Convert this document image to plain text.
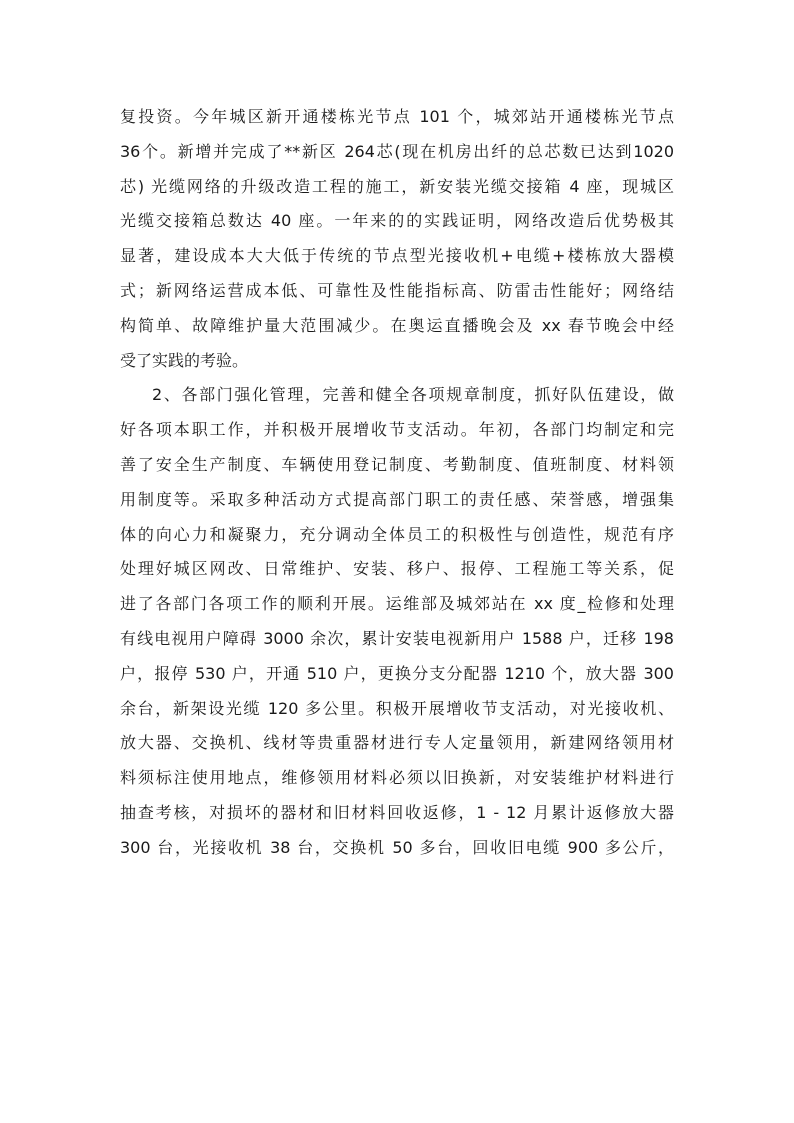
复投资。今年城区新开通楼栋光节点 101 个，城郊站开通楼栋光节点
36个。新增并完成了**新区 264芯(现在机房出纤的总芯数已达到1020
芯) 光缆网络的升级改造工程的施工，新安装光缆交接箱 4 座，现城区
光缆交接箱总数达 40 座。一年来的的实践证明，网络改造后优势极其
显著，建设成本大大低于传统的节点型光接收机+电缆+楼栋放大器模
式；新网络运营成本低、可靠性及性能指标高、防雷击性能好；网络结
构简单、故障维护量大范围减少。在奥运直播晚会及 xx 春节晚会中经
受了实践的考验。
2、各部门强化管理，完善和健全各项规章制度，抓好队伍建设，做
好各项本职工作，并积极开展增收节支活动。年初，各部门均制定和完
善了安全生产制度、车辆使用登记制度、考勤制度、值班制度、材料领
用制度等。采取多种活动方式提高部门职工的责任感、荣誉感，增强集
体的向心力和凝聚力，充分调动全体员工的积极性与创造性，规范有序
处理好城区网改、日常维护、安装、移户、报停、工程施工等关系，促
进了各部门各项工作的顺利开展。运维部及城郊站在 xx 度_检修和处理
有线电视用户障碍 3000 余次，累计安装电视新用户 1588 户，迁移 198
户，报停 530 户，开通 510 户，更换分支分配器 1210 个，放大器 300
余台，新架设光缆 120 多公里。积极开展增收节支活动，对光接收机、
放大器、交换机、线材等贵重器材进行专人定量领用，新建网络领用材
料须标注使用地点，维修领用材料必须以旧换新，对安装维护材料进行
抽查考核，对损坏的器材和旧材料回收返修，1 - 12 月累计返修放大器
300 台，光接收机 38 台，交换机 50 多台，回收旧电缆 900 多公斤，
